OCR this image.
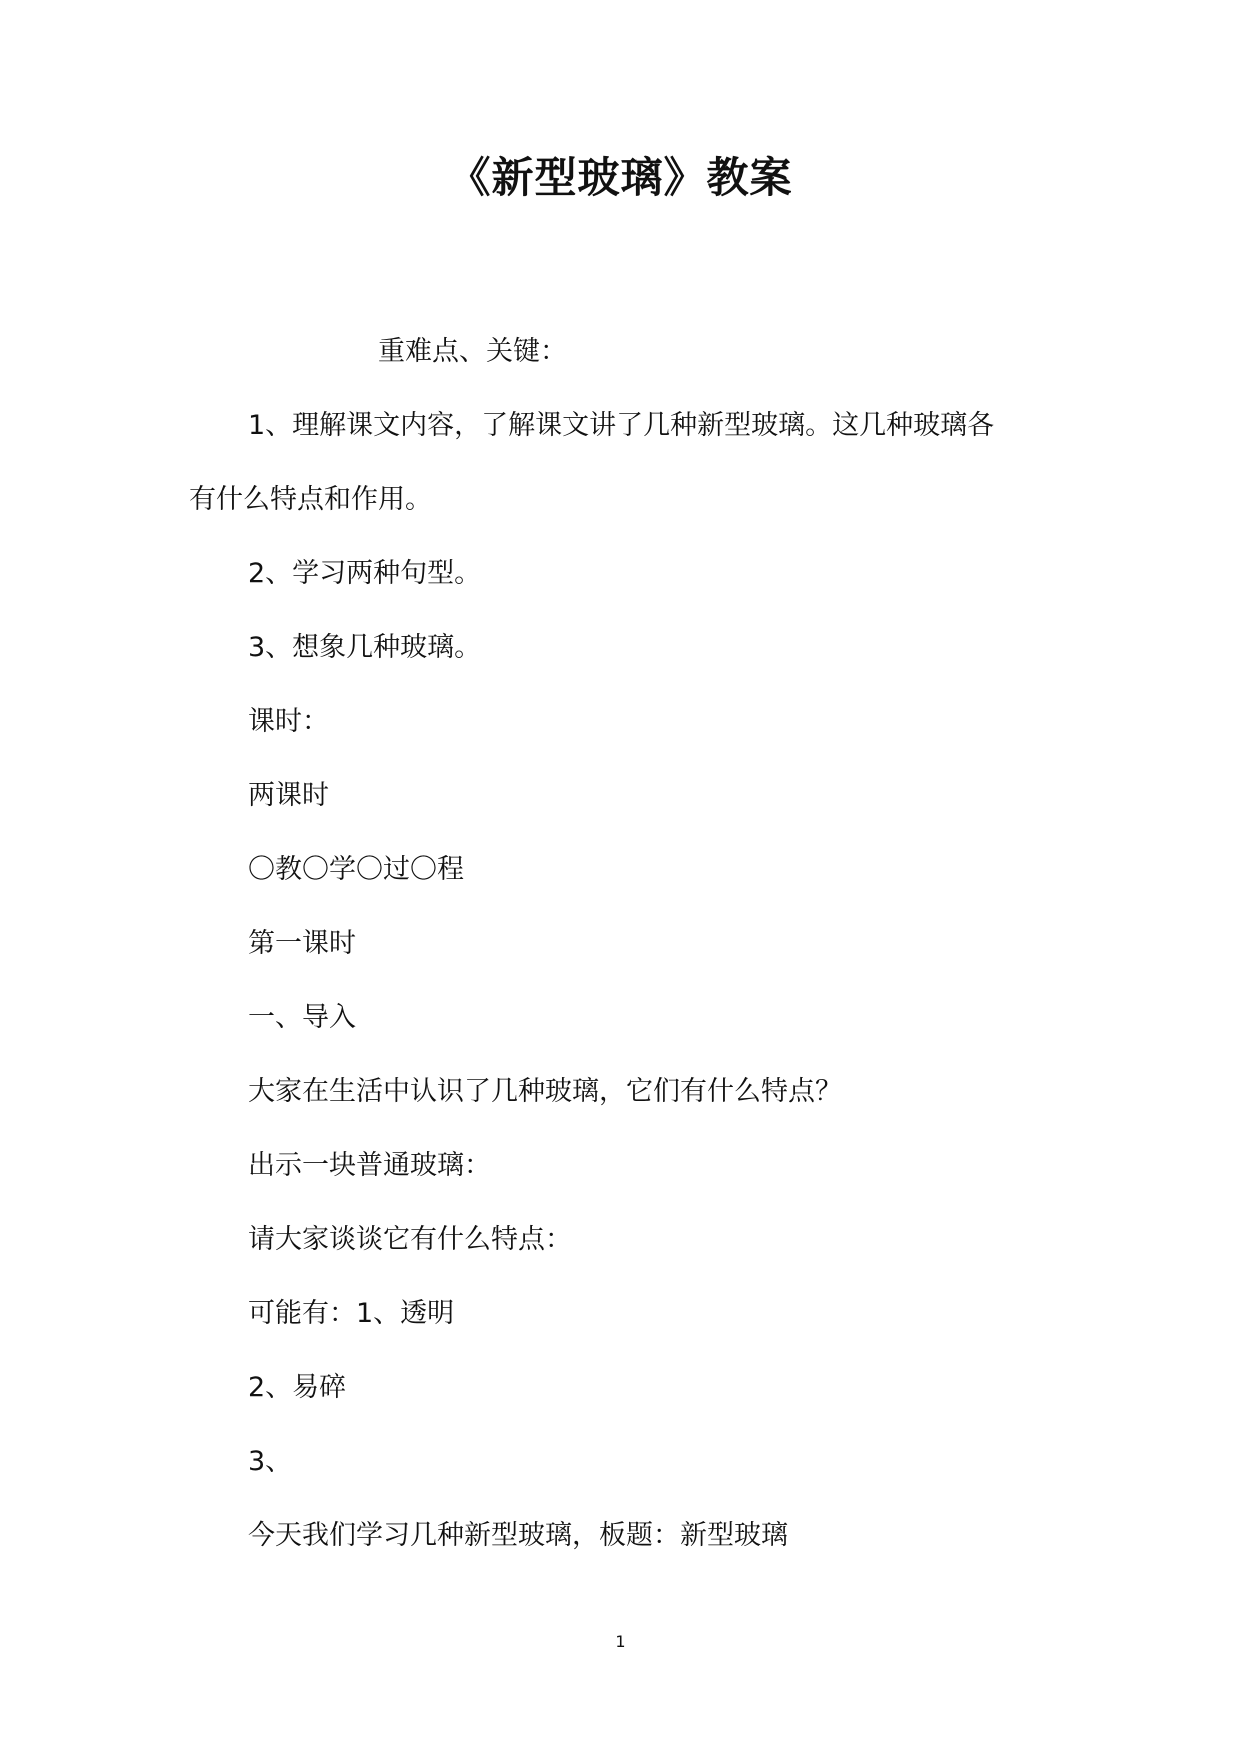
《新型玻璃》教案
重难点、关键：
1、理解课文内容，了解课文讲了几种新型玻璃。这几种玻璃各
有什么特点和作用。
2、学习两种句型。
3、想象几种玻璃。
课时：
两课时
〇教〇学〇过〇程
第一课时
一、导入
大家在生活中认识了几种玻璃，它们有什么特点？
出示一块普通玻璃：
请大家谈谈它有什么特点：
可能有：1、透明
2、易碎
3、
今天我们学习几种新型玻璃，板题：新型玻璃
1
